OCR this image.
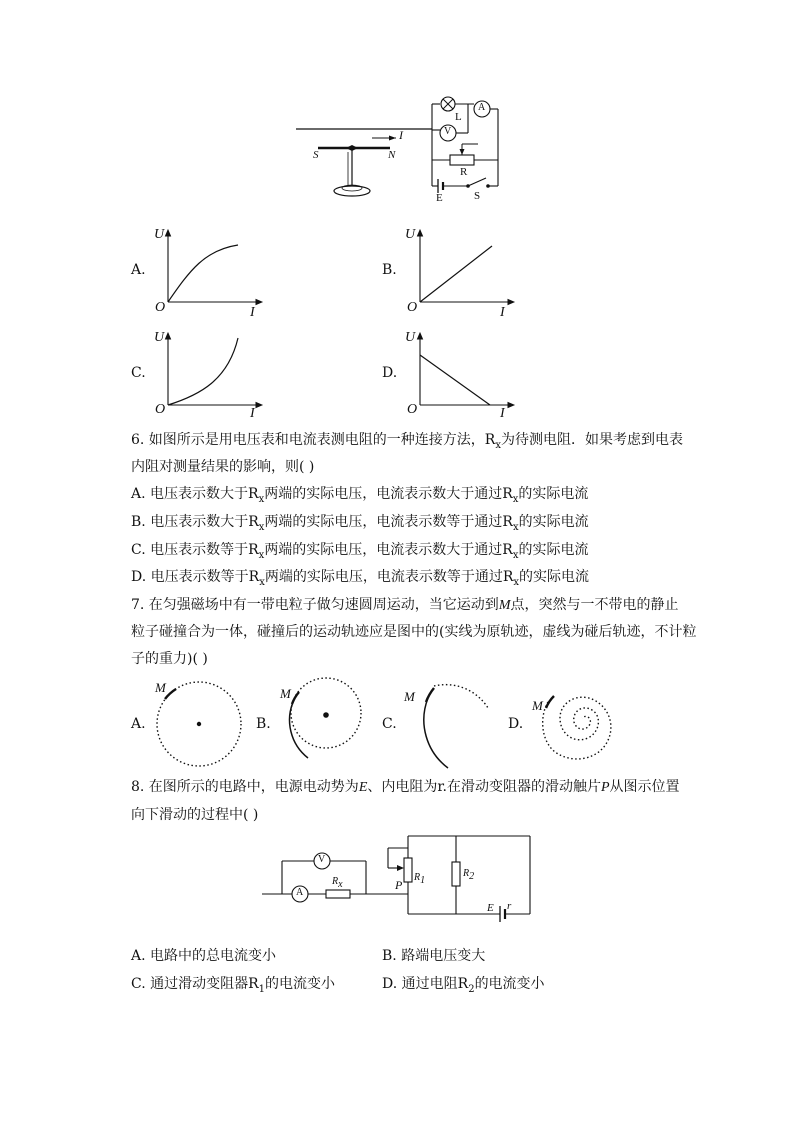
I
S	N
L
V
A
R
E	S
A.
U
I
O
B.
U
I
O
C.
U
I
O
D.
U
I
O
6. 如图所示是用电压表和电流表测电阻的一种连接方法，$R_x$为待测电阻．如果考虑到电表
内阻对测量结果的影响，则( )
A. 电压表示数大于$R_x$两端的实际电压，电流表示数大于通过$R_x$的实际电流
B. 电压表示数大于$R_x$两端的实际电压，电流表示数等于通过$R_x$的实际电流
C. 电压表示数等于$R_x$两端的实际电压，电流表示数大于通过$R_x$的实际电流
D. 电压表示数等于$R_x$两端的实际电压，电流表示数等于通过$R_x$的实际电流
7. 在匀强磁场中有一带电粒子做匀速圆周运动，当它运动到M点，突然与一不带电的静止
粒子碰撞合为一体，碰撞后的运动轨迹应是图中的(实线为原轨迹，虚线为碰后轨迹，不计粒
子的重力)( )
A.
M
B.
M
C.
M
D.
M
8. 在图所示的电路中，电源电动势为E、内电阻为r.在滑动变阻器的滑动触片P从图示位置
向下滑动的过程中( )
V
A
$R_x$
$R_1$
$R_2$
P
E r
A. 电路中的总电流变小	B. 路端电压变大
C. 通过滑动变阻器$R_1$的电流变小	D. 通过电阻$R_2$的电流变小
